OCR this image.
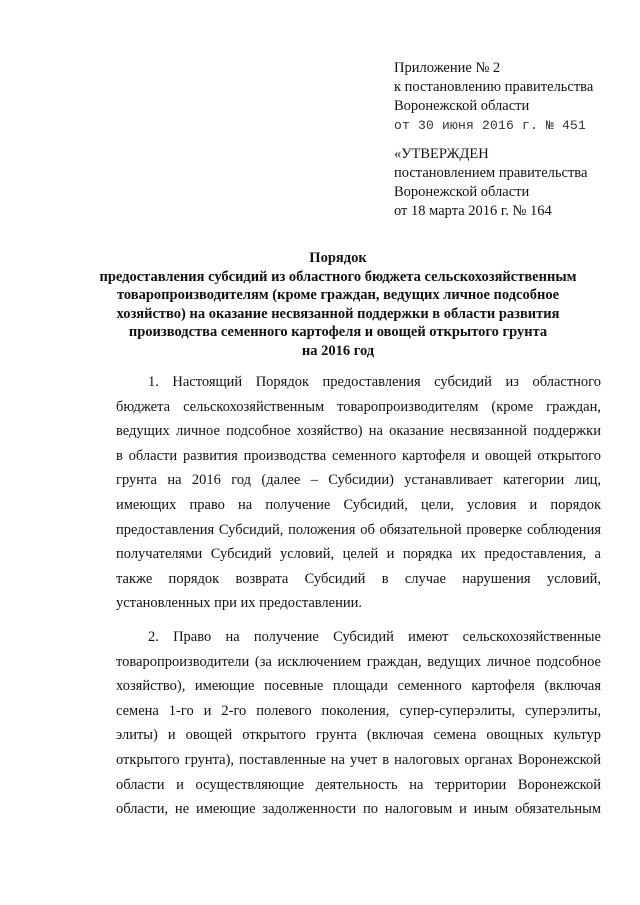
Приложение № 2
к постановлению правительства
Воронежской области
от 30 июня 2016 г. № 451
«УТВЕРЖДЕН
постановлением правительства
Воронежской области
от 18 марта 2016 г. № 164
Порядок
предоставления субсидий из областного бюджета сельскохозяйственным
товаропроизводителям (кроме граждан, ведущих личное подсобное
хозяйство) на оказание несвязанной поддержки в области развития
производства семенного картофеля и овощей открытого грунта
на 2016 год
1. Настоящий Порядок предоставления субсидий из областного
бюджета сельскохозяйственным товаропроизводителям (кроме граждан,
ведущих личное подсобное хозяйство) на оказание несвязанной поддержки
в области развития производства семенного картофеля и овощей открытого
грунта на 2016 год (далее – Субсидии) устанавливает категории лиц,
имеющих право на получение Субсидий, цели, условия и порядок
предоставления Субсидий, положения об обязательной проверке соблюдения
получателями Субсидий условий, целей и порядка их предоставления, а
также порядок возврата Субсидий в случае нарушения условий,
установленных при их предоставлении.
2. Право на получение Субсидий имеют сельскохозяйственные
товаропроизводители (за исключением граждан, ведущих личное подсобное
хозяйство), имеющие посевные площади семенного картофеля (включая
семена 1-го и 2-го полевого поколения, супер-суперэлиты, суперэлиты,
элиты) и овощей открытого грунта (включая семена овощных культур
открытого грунта), поставленные на учет в налоговых органах Воронежской
области и осуществляющие деятельность на территории Воронежской
области, не имеющие задолженности по налоговым и иным обязательным
